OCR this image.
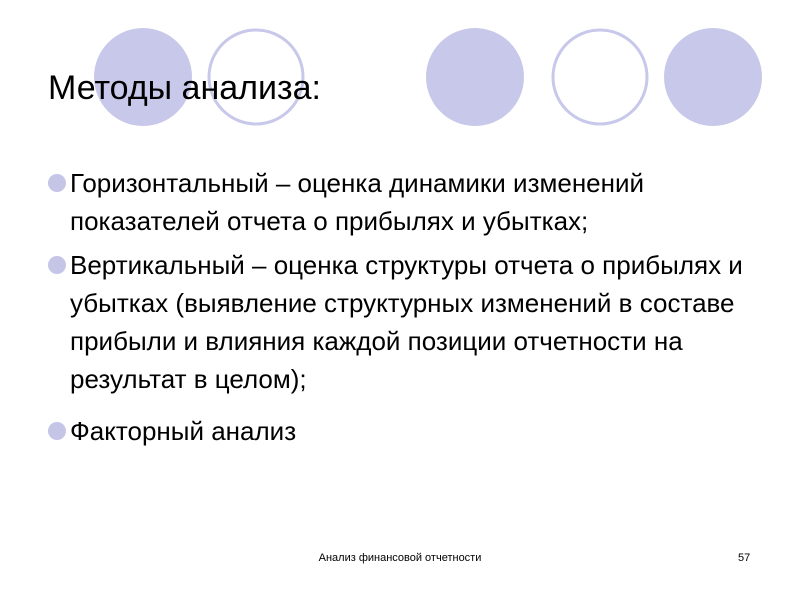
Методы анализа:
Горизонтальный – оценка динамики изменений показателей отчета о прибылях и убытках;
Вертикальный – оценка структуры отчета о прибылях и убытках (выявление структурных изменений в составе прибыли и влияния каждой позиции отчетности на результат в целом);
Факторный анализ
Анализ финансовой отчетности	57
